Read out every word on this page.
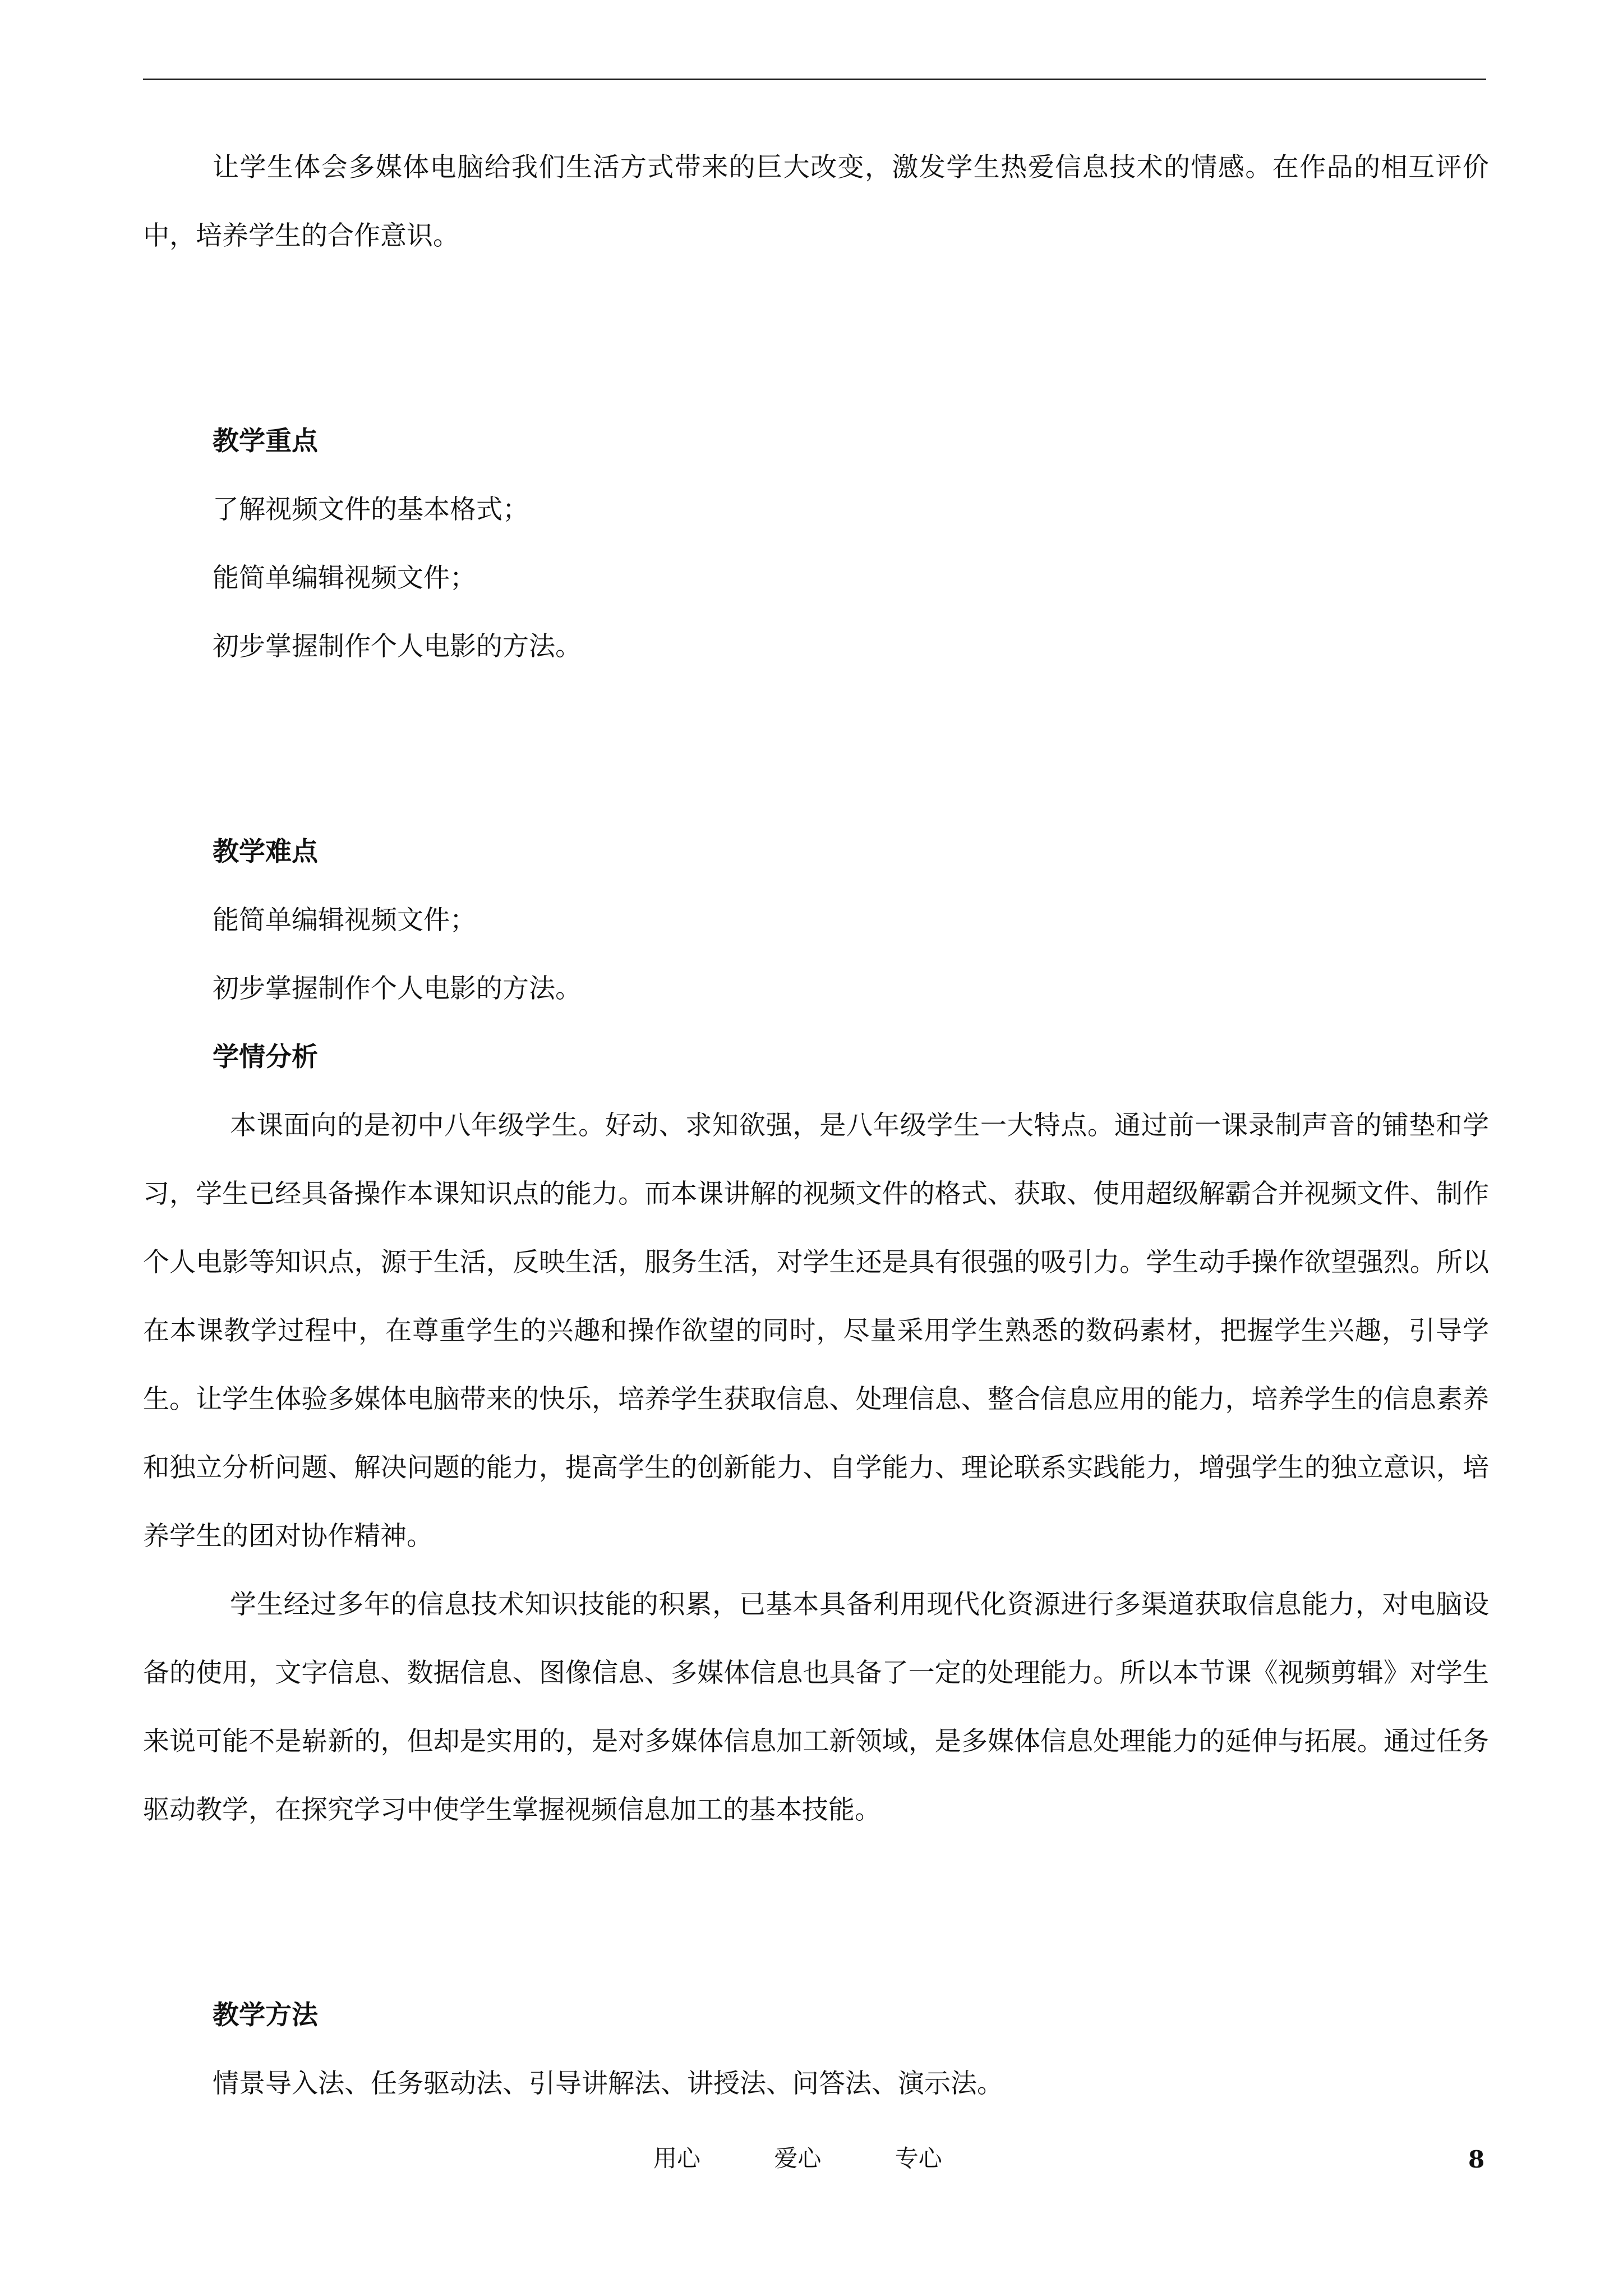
让学生体会多媒体电脑给我们生活方式带来的巨大改变，激发学生热爱信息技术的情感。在作品的相互评价中，培养学生的合作意识。

教学重点

了解视频文件的基本格式；

能简单编辑视频文件；

初步掌握制作个人电影的方法。

教学难点

能简单编辑视频文件；

初步掌握制作个人电影的方法。

学情分析

本课面向的是初中八年级学生。好动、求知欲强，是八年级学生一大特点。通过前一课录制声音的铺垫和学习，学生已经具备操作本课知识点的能力。而本课讲解的视频文件的格式、获取、使用超级解霸合并视频文件、制作个人电影等知识点，源于生活，反映生活，服务生活，对学生还是具有很强的吸引力。学生动手操作欲望强烈。所以在本课教学过程中，在尊重学生的兴趣和操作欲望的同时，尽量采用学生熟悉的数码素材，把握学生兴趣，引导学生。让学生体验多媒体电脑带来的快乐，培养学生获取信息、处理信息、整合信息应用的能力，培养学生的信息素养和独立分析问题、解决问题的能力，提高学生的创新能力、自学能力、理论联系实践能力，增强学生的独立意识，培养学生的团对协作精神。

学生经过多年的信息技术知识技能的积累，已基本具备利用现代化资源进行多渠道获取信息能力，对电脑设备的使用，文字信息、数据信息、图像信息、多媒体信息也具备了一定的处理能力。所以本节课《视频剪辑》对学生来说可能不是崭新的，但却是实用的，是对多媒体信息加工新领域，是多媒体信息处理能力的延伸与拓展。通过任务驱动教学，在探究学习中使学生掌握视频信息加工的基本技能。

教学方法

情景导入法、任务驱动法、引导讲解法、讲授法、问答法、演示法。

用心	爱心	专心	8
